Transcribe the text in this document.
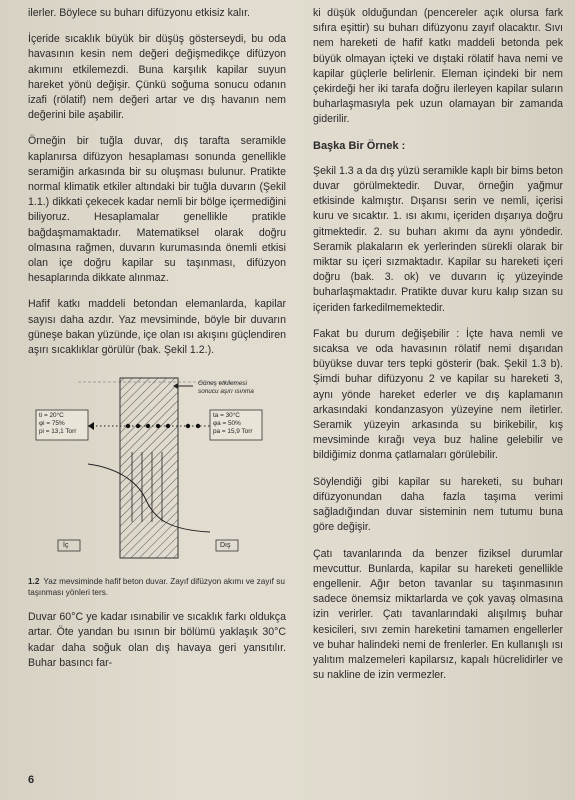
ilerler. Böylece su buharı difüzyonu etkisiz kalır.

İçeride sıcaklık büyük bir düşüş gösterseydi, bu oda havasının kesin nem değeri değişmedikçe difüzyon akımını etkilemezdi. Buna karşılık kapilar suyun hareket yönü değişir. Çünkü soğuma sonucu odanın izafi (rölatif) nem değeri artar ve dış havanın nem değerini bile aşabilir.

Örneğin bir tuğla duvar, dış tarafta seramikle kaplanırsa difüzyon hesaplaması sonunda genellikle seramiğin arkasında bir su oluşması bulunur. Pratikte normal klimatik etkiler altındaki bir tuğla duvarın (Şekil 1.1.) dikkati çekecek kadar nemli bir bölge içermediğini biliyoruz. Hesaplamalar genellikle pratikle bağdaşmamaktadır. Matematiksel olarak doğru olmasına rağmen, duvarın kurumasında önemli etkisi olan içe doğru kapilar su taşınması, difüzyon hesaplarında dikkate alınmaz.

Hafif katkı maddeli betondan elemanlarda, kapilar sayısı daha azdır. Yaz mevsiminde, böyle bir duvarın güneşe bakan yüzünde, içe olan ısı akışını güçlendiren aşırı sıcaklıklar görülür (bak. Şekil 1.2.).

Güneş etkilemesi
sonucu aşırı ısınma
ti = 20°C
φi = 75%
pi = 13,1 Torr
ta = 30°C
φa = 50%
pa = 15,9 Torr
İç	Dış
1.2 Yaz mevsiminde hafif beton duvar. Zayıf difüzyon akımı ve zayıf su taşınması yönleri ters.

Duvar 60°C ye kadar ısınabilir ve sıcaklık farkı oldukça artar. Öte yandan bu ısının bir bölümü yaklaşık 30°C kadar daha soğuk olan dış havaya geri yansıtılır. Buhar basıncı far-

ki düşük olduğundan (pencereler açık olursa fark sıfıra eşittir) su buharı difüzyonu zayıf olacaktır. Sıvı nem hareketi de hafif katkı maddeli betonda pek büyük olmayan içteki ve dıştaki rölatif hava nemi ve kapilar güçlerle belirlenir. Eleman içindeki bir nem çekirdeği her iki tarafa doğru ilerleyen kapilar suların buharlaşmasıyla pek uzun olamayan bir zamanda giderilir.

Başka Bir Örnek :

Şekil 1.3 a da dış yüzü seramikle kaplı bir bims beton duvar görülmektedir. Duvar, örneğin yağmur etkisinde kalmıştır. Dışarısı serin ve nemli, içerisi kuru ve sıcaktır. 1. ısı akımı, içeriden dışarıya doğru gitmektedir. 2. su buharı akımı da aynı yöndedir. Seramik plakaların ek yerlerinden sürekli olarak bir miktar su içeri sızmaktadır. Kapilar su hareketi içeri doğru (bak. 3. ok) ve duvarın iç yüzeyinde buharlaşmaktadır. Pratikte duvar kuru kalıp sızan su içeriden farkedilmemektedir.

Fakat bu durum değişebilir : İçte hava nemli ve sıcaksa ve oda havasının rölatif nemi dışarıdan büyükse duvar ters tepki gösterir (bak. Şekil 1.3 b). Şimdi buhar difüzyonu 2 ve kapilar su hareketi 3, aynı yönde hareket ederler ve dış kaplamanın arkasındaki kondanzasyon yüzeyine nem iletirler. Seramik yüzeyin arkasında su birikebilir, kış mevsiminde kırağı veya buz haline gelebilir ve bildiğimiz donma çatlamaları görülebilir.

Söylendiği gibi kapilar su hareketi, su buharı difüzyonundan daha fazla taşıma verimi sağladığından duvar sisteminin nem tutumu buna göre değişir.

Çatı tavanlarında da benzer fiziksel durumlar mevcuttur. Bunlarda, kapilar su hareketi genellikle engellenir. Ağır beton tavanlar su taşınmasının sadece önemsiz miktarlarda ve çok yavaş olmasına izin verirler. Çatı tavanlarındaki alışılmış buhar kesicileri, sıvı zemin hareketini tamamen engellerler ve buhar halindeki nemi de frenlerler. En kullanışlı ısı yalıtım malzemeleri kapilarsız, kapalı hücrelidirler ve su nakline de izin vermezler.

6
